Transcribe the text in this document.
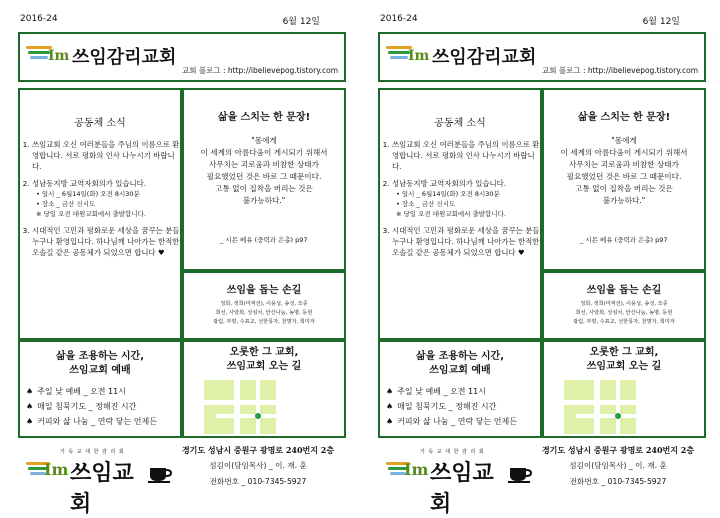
2016-24	6월 12일
Im 쓰임감리교회
교회 블로그 : http://ibelievepog.tistory.com
공동체 소식

1. 쓰임교회 오신 여러분들을 주님의 이름으로 환영합니다. 서로 평화의 인사 나누시기 바랍니다.

2. 성남동지방 교역자회의가 있습니다.

• 일시 _ 6월14일(화) 오전 8시30분
• 장소 _ 금산 신시도
※ 당일 오전 대원교회에서 출발합니다.

3. 시대적인 고민과 평화로운 세상을 꿈꾸는 분들 누구나 환영입니다. 하나님께 나아가는 한적한 오솔길 같은 공동체가 되었으면 합니다 ♥

삶을 스치는 한 문장!
"몸에게
이 세계의 아름다움이 게시되기 위해서
사무치는 괴로움과 비참한 상태가
필요했었던 것은 바로 그 때문이다.
고통 없이 집착을 버리는 것은
불가능하다."
_ 시몬 베유 (중력과 은총) p97
쓰임을 돕는 손길
정희, 정희(미역선), 이용성, 송성, 모종
희선, 사랑희, 성심치, 안산나눔, 농명, 동현
광림, 부평, 수표교, 선한목자, 천명자, 희미자
삶을 조용하는 시간,
쓰임교회 예배
♠ 주일 낮 예배 _ 오전 11시
♠ 매일 침묵기도 _ 정해진 시간
♠ 커피와 삶 나눔 _ 연락 닿는 언제든
오롯한 그 교회,
쓰임교회 오는 길
기 독 교 대 한 감 리 회
Im 쓰임교회
경기도 성남시 중원구 광명로 240번지 2층
섬김이(담임목사) _ 이. 재. 훈
전화번호 _ 010-7345-5927
2016-24	6월 12일
Im 쓰임감리교회
교회 블로그 : http://ibelievepog.tistory.com
공동체 소식

1. 쓰임교회 오신 여러분들을 주님의 이름으로 환영합니다. 서로 평화의 인사 나누시기 바랍니다.

2. 성남동지방 교역자회의가 있습니다.

• 일시 _ 6월14일(화) 오전 8시30분
• 장소 _ 금산 신시도
※ 당일 오전 대원교회에서 출발합니다.

3. 시대적인 고민과 평화로운 세상을 꿈꾸는 분들 누구나 환영입니다. 하나님께 나아가는 한적한 오솔길 같은 공동체가 되었으면 합니다 ♥

삶을 스치는 한 문장!
"몸에게
이 세계의 아름다움이 게시되기 위해서
사무치는 괴로움과 비참한 상태가
필요했었던 것은 바로 그 때문이다.
고통 없이 집착을 버리는 것은
불가능하다."
_ 시몬 베유 (중력과 은총) p97
쓰임을 돕는 손길
정희, 정희(미역선), 이용성, 송성, 모종
희선, 사랑희, 성심치, 안산나눔, 농명, 동현
광림, 부평, 수표교, 선한목자, 천명자, 희미자
삶을 조용하는 시간,
쓰임교회 예배
♠ 주일 낮 예배 _ 오전 11시
♠ 매일 침묵기도 _ 정해진 시간
♠ 커피와 삶 나눔 _ 연락 닿는 언제든
오롯한 그 교회,
쓰임교회 오는 길
기 독 교 대 한 감 리 회
Im 쓰임교회
경기도 성남시 중원구 광명로 240번지 2층
섬김이(담임목사) _ 이. 재. 훈
전화번호 _ 010-7345-5927
